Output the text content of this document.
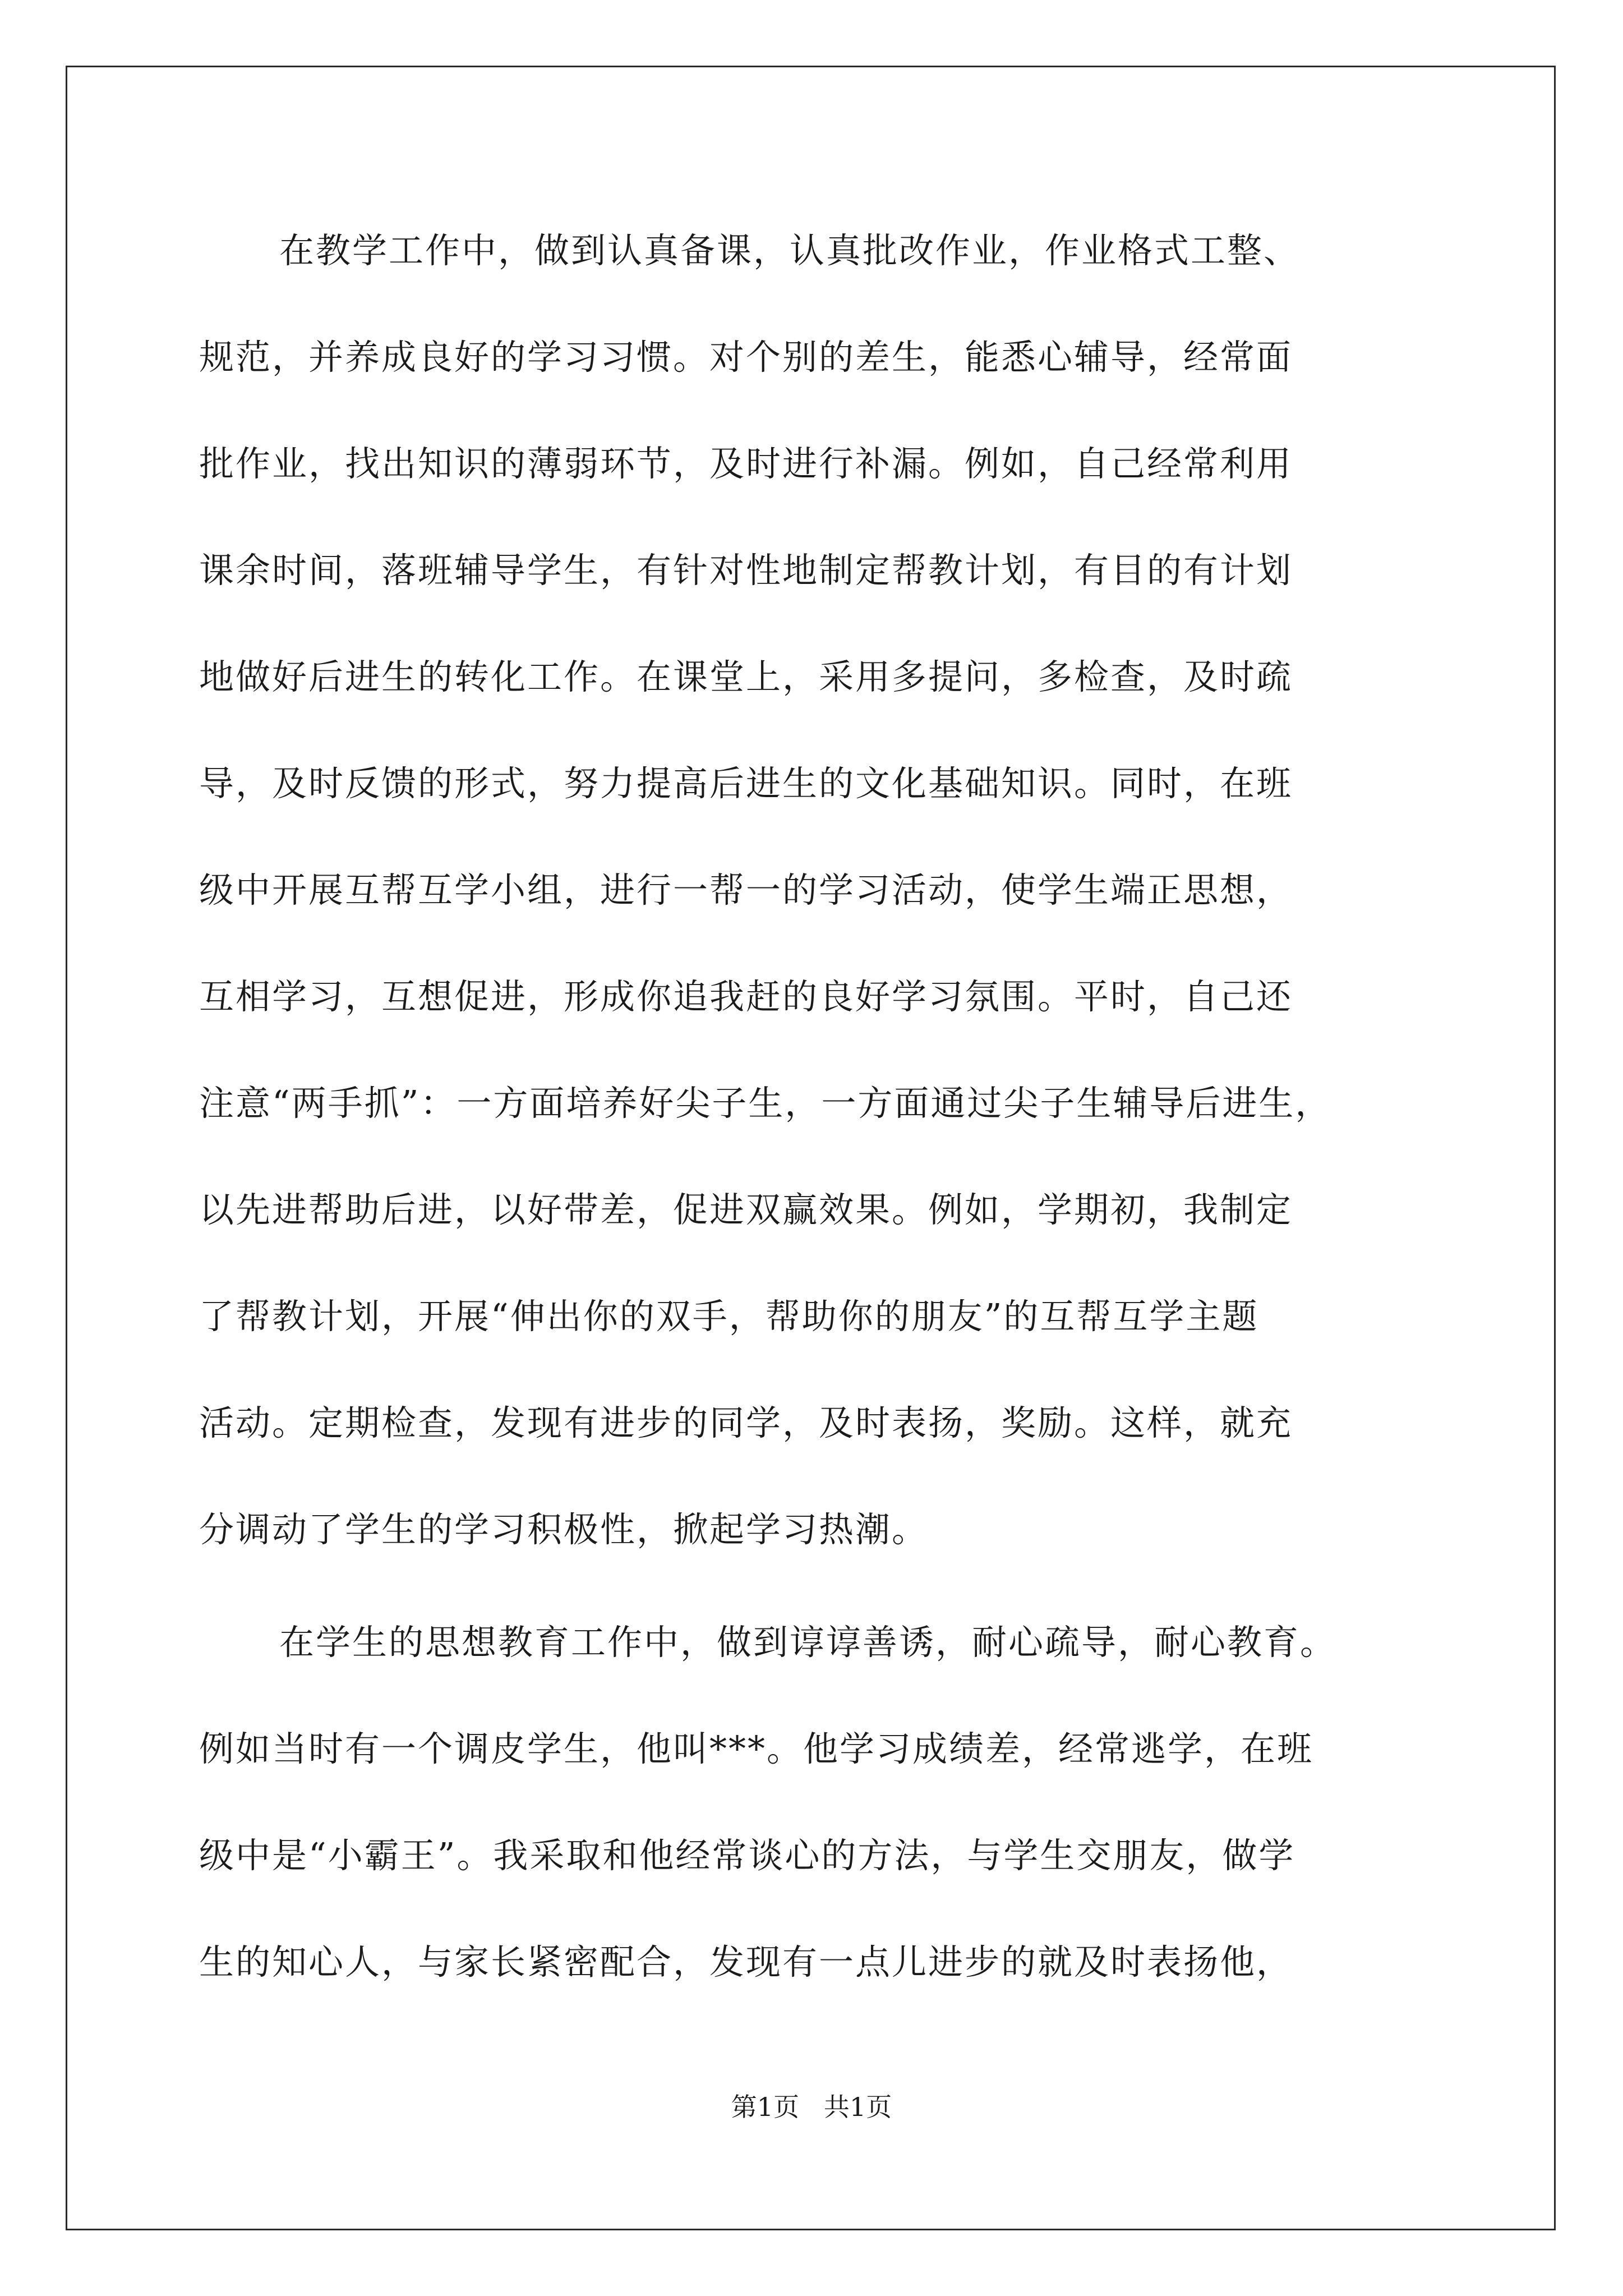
在教学工作中，做到认真备课，认真批改作业，作业格式工整、
规范，并养成良好的学习习惯。对个别的差生，能悉心辅导，经常面
批作业，找出知识的薄弱环节，及时进行补漏。例如，自己经常利用
课余时间，落班辅导学生，有针对性地制定帮教计划，有目的有计划
地做好后进生的转化工作。在课堂上，采用多提问，多检查，及时疏
导，及时反馈的形式，努力提高后进生的文化基础知识。同时，在班
级中开展互帮互学小组，进行一帮一的学习活动，使学生端正思想，
互相学习，互想促进，形成你追我赶的良好学习氛围。平时，自己还
注意“两手抓”：一方面培养好尖子生，一方面通过尖子生辅导后进生，
以先进帮助后进，以好带差，促进双赢效果。例如，学期初，我制定
了帮教计划，开展“伸出你的双手，帮助你的朋友”的互帮互学主题
活动。定期检查，发现有进步的同学，及时表扬，奖励。这样，就充
分调动了学生的学习积极性，掀起学习热潮。
在学生的思想教育工作中，做到谆谆善诱，耐心疏导，耐心教育。
例如当时有一个调皮学生，他叫***。他学习成绩差，经常逃学，在班
级中是“小霸王”。我采取和他经常谈心的方法，与学生交朋友，做学
生的知心人，与家长紧密配合，发现有一点儿进步的就及时表扬他，
第1页   共1页
